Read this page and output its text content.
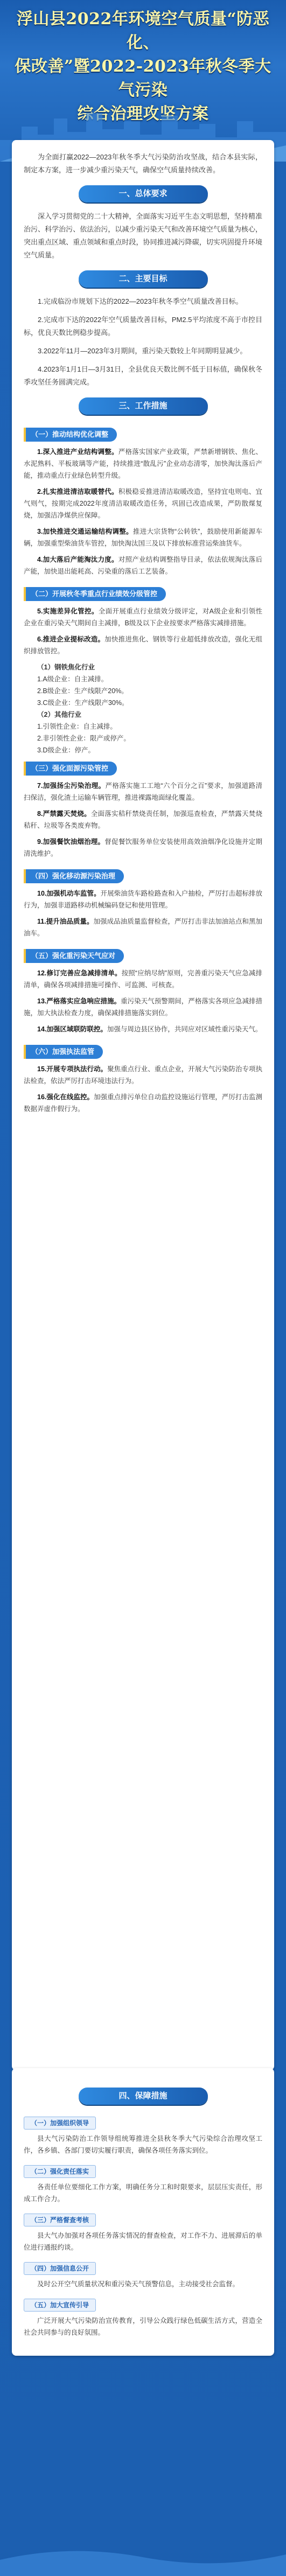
浮山县2022年环境空气质量“防恶化、
保改善”暨2022-2023年秋冬季大气污染
综合治理攻坚方案

为全面打赢2022—2023年秋冬季大气污染防治攻坚战，结合本县实际，制定本方案，进一步减少重污染天气，确保空气质量持续改善。

一、总体要求

深入学习贯彻党的二十大精神，全面落实习近平生态文明思想，坚持精准治污、科学治污、依法治污，以减少重污染天气和改善环境空气质量为核心，突出重点区域、重点领域和重点时段，协同推进减污降碳，切实巩固提升环境空气质量。

二、主要目标

1.完成临汾市规划下达的2022—2023年秋冬季空气质量改善目标。

2.完成市下达的2022年空气质量改善目标，PM2.5平均浓度不高于市控目标，优良天数比例稳步提高。

3.2022年11月—2023年3月期间，重污染天数较上年同期明显减少。

4.2023年1月1日—3月31日，全县优良天数比例不低于目标值，确保秋冬季攻坚任务圆满完成。

三、工作措施
（一）推动结构优化调整

1.深入推进产业结构调整。严格落实国家产业政策，严禁新增钢铁、焦化、水泥熟料、平板玻璃等产能，持续推进“散乱污”企业动态清零，加快淘汰落后产能，推动重点行业绿色转型升级。

2.扎实推进清洁取暖替代。积极稳妥推进清洁取暖改造，坚持宜电则电、宜气则气，按期完成2022年度清洁取暖改造任务，巩固已改造成果，严防散煤复烧，加强洁净煤供应保障。

3.加快推进交通运输结构调整。推进大宗货物“公转铁”，鼓励使用新能源车辆，加强重型柴油货车管控，加快淘汰国三及以下排放标准营运柴油货车。

4.加大落后产能淘汰力度。对照产业结构调整指导目录，依法依规淘汰落后产能，加快退出能耗高、污染重的落后工艺装备。

（二）开展秋冬季重点行业绩效分级管控

5.实施差异化管控。全面开展重点行业绩效分级评定，对A级企业和引领性企业在重污染天气期间自主减排，B级及以下企业按要求严格落实减排措施。

6.推进企业提标改造。加快推进焦化、钢铁等行业超低排放改造，强化无组织排放管控。

（1）钢铁焦化行业

1.A级企业：自主减排。

2.B级企业：生产线限产20%。

3.C级企业：生产线限产30%。

（2）其他行业

1.引领性企业：自主减排。

2.非引领性企业：限产或停产。

3.D级企业：停产。

（三）强化面源污染管控

7.加强扬尘污染治理。严格落实施工工地“六个百分之百”要求，加强道路清扫保洁，强化渣土运输车辆管理，推进裸露地面绿化覆盖。

8.严禁露天焚烧。全面落实秸秆禁烧责任制，加强巡查检查，严禁露天焚烧秸秆、垃圾等各类废弃物。

9.加强餐饮油烟治理。督促餐饮服务单位安装使用高效油烟净化设施并定期清洗维护。

（四）强化移动源污染治理

10.加强机动车监管。开展柴油货车路检路查和入户抽检，严厉打击超标排放行为，加强非道路移动机械编码登记和使用管理。

11.提升油品质量。加强成品油质量监督检查，严厉打击非法加油站点和黑加油车。

（五）强化重污染天气应对

12.修订完善应急减排清单。按照“应纳尽纳”原则，完善重污染天气应急减排清单，确保各项减排措施可操作、可监测、可核查。

13.严格落实应急响应措施。重污染天气预警期间，严格落实各项应急减排措施，加大执法检查力度，确保减排措施落实到位。

14.加强区域联防联控。加强与周边县区协作，共同应对区域性重污染天气。

（六）加强执法监管

15.开展专项执法行动。聚焦重点行业、重点企业，开展大气污染防治专项执法检查，依法严厉打击环境违法行为。

16.强化在线监控。加强重点排污单位自动监控设施运行管理，严厉打击监测数据弄虚作假行为。

四、保障措施
（一）加强组织领导

县大气污染防治工作领导组统筹推进全县秋冬季大气污染综合治理攻坚工作，各乡镇、各部门要切实履行职责，确保各项任务落实到位。

（二）强化责任落实

各责任单位要细化工作方案，明确任务分工和时限要求，层层压实责任，形成工作合力。

（三）严格督查考核

县大气办加强对各项任务落实情况的督查检查，对工作不力、进展滞后的单位进行通报约谈。

（四）加强信息公开

及时公开空气质量状况和重污染天气预警信息，主动接受社会监督。

（五）加大宣传引导

广泛开展大气污染防治宣传教育，引导公众践行绿色低碳生活方式，营造全社会共同参与的良好氛围。
